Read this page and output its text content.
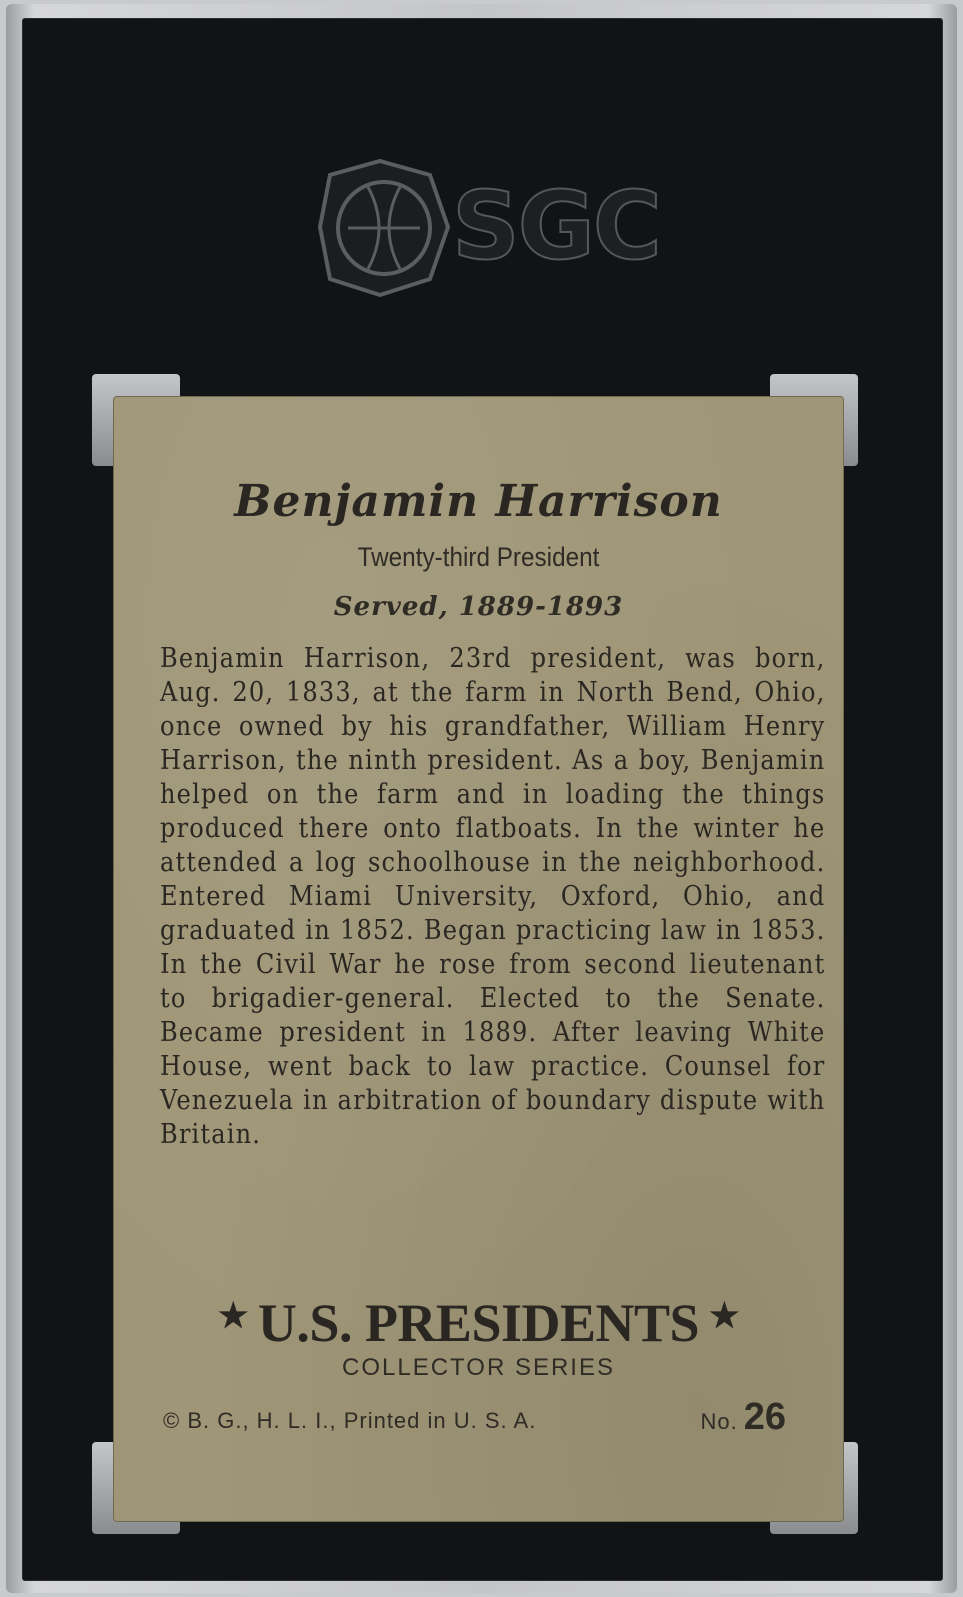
SGC
Benjamin Harrison
Twenty-third President
Served, 1889-1893
Benjamin Harrison, 23rd president, was born, Aug. 20, 1833, at the farm in North Bend, Ohio, once owned by his grandfather, William Henry Harrison, the ninth president. As a boy, Benjamin helped on the farm and in loading the things produced there onto flatboats. In the winter he attended a log schoolhouse in the neighborhood. Entered Miami University, Oxford, Ohio, and graduated in 1852. Began practicing law in 1853. In the Civil War he rose from second lieutenant to brigadier-general. Elected to the Senate. Became president in 1889. After leaving White House, went back to law practice. Counsel for Venezuela in arbitration of boundary dispute with Britain.
★ U.S. PRESIDENTS ★
COLLECTOR SERIES
© B. G., H. L. I., Printed in U. S. A.	No. 26
